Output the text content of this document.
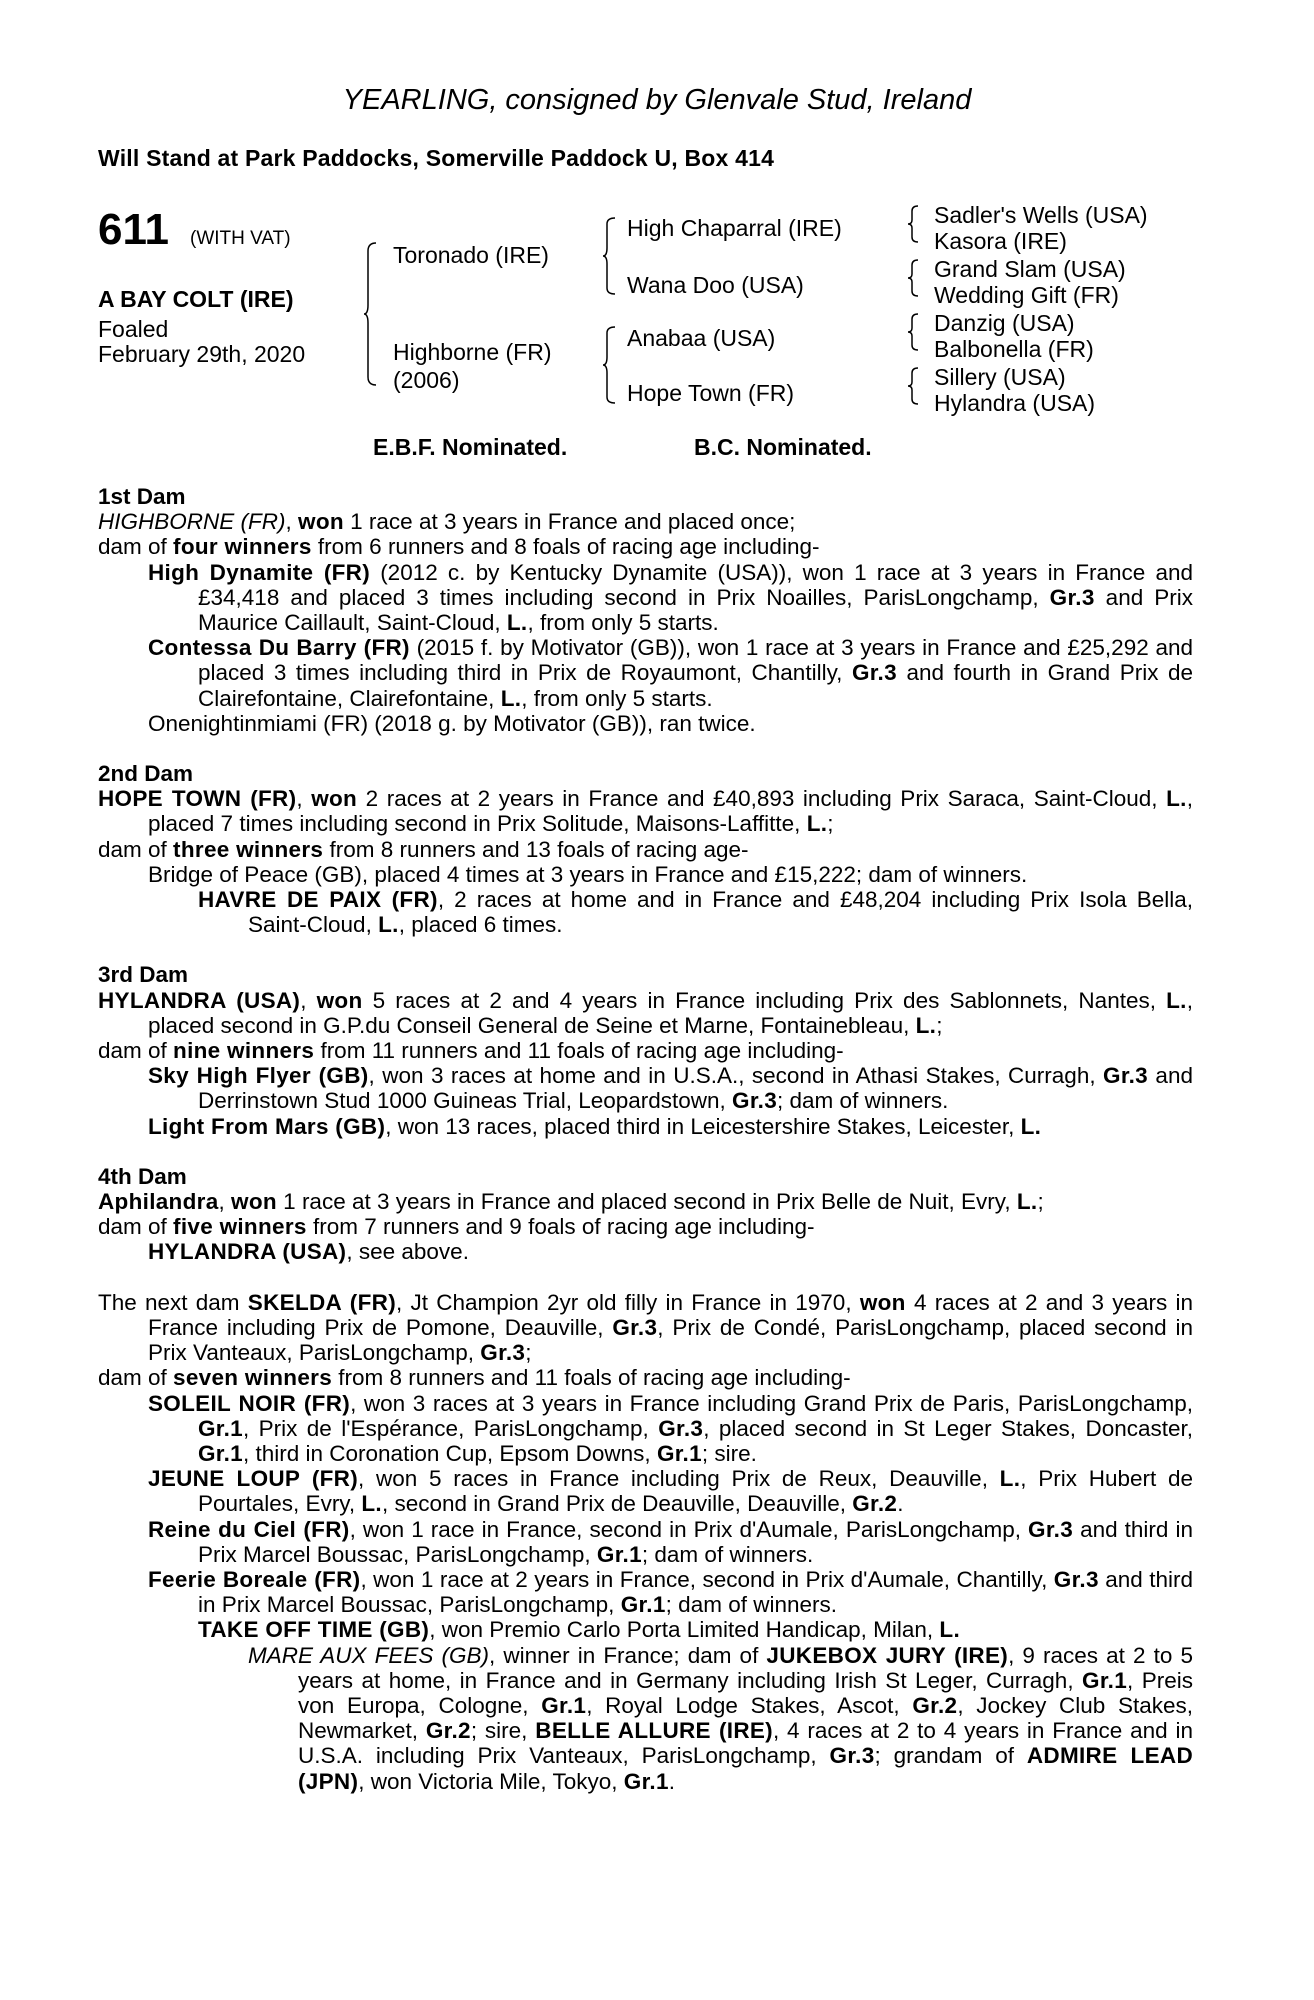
YEARLING, consigned by Glenvale Stud, Ireland
Will Stand at Park Paddocks, Somerville Paddock U, Box 414
611 (WITH VAT)
A BAY COLT (IRE)
Foaled
February 29th, 2020
Toronado (IRE)
Highborne (FR)
(2006)
High Chaparral (IRE)
Wana Doo (USA)
Anabaa (USA)
Hope Town (FR)
Sadler's Wells (USA)
Kasora (IRE)
Grand Slam (USA)
Wedding Gift (FR)
Danzig (USA)
Balbonella (FR)
Sillery (USA)
Hylandra (USA)
E.B.F. Nominated.	B.C. Nominated.

1st Dam

HIGHBORNE (FR), won 1 race at 3 years in France and placed once;

dam of four winners from 6 runners and 8 foals of racing age including-

High Dynamite (FR) (2012 c. by Kentucky Dynamite (USA)), won 1 race at 3 years in France and £34,418 and placed 3 times including second in Prix Noailles, ParisLongchamp, Gr.3 and Prix Maurice Caillault, Saint-Cloud, L., from only 5 starts.

Contessa Du Barry (FR) (2015 f. by Motivator (GB)), won 1 race at 3 years in France and £25,292 and placed 3 times including third in Prix de Royaumont, Chantilly, Gr.3 and fourth in Grand Prix de Clairefontaine, Clairefontaine, L., from only 5 starts.

Onenightinmiami (FR) (2018 g. by Motivator (GB)), ran twice.

2nd Dam

HOPE TOWN (FR), won 2 races at 2 years in France and £40,893 including Prix Saraca, Saint-Cloud, L., placed 7 times including second in Prix Solitude, Maisons-Laffitte, L.;

dam of three winners from 8 runners and 13 foals of racing age-

Bridge of Peace (GB), placed 4 times at 3 years in France and £15,222; dam of winners.

HAVRE DE PAIX (FR), 2 races at home and in France and £48,204 including Prix Isola Bella, Saint-Cloud, L., placed 6 times.

3rd Dam

HYLANDRA (USA), won 5 races at 2 and 4 years in France including Prix des Sablonnets, Nantes, L., placed second in G.P.du Conseil General de Seine et Marne, Fontainebleau, L.;

dam of nine winners from 11 runners and 11 foals of racing age including-

Sky High Flyer (GB), won 3 races at home and in U.S.A., second in Athasi Stakes, Curragh, Gr.3 and Derrinstown Stud 1000 Guineas Trial, Leopardstown, Gr.3; dam of winners.

Light From Mars (GB), won 13 races, placed third in Leicestershire Stakes, Leicester, L.

4th Dam

Aphilandra, won 1 race at 3 years in France and placed second in Prix Belle de Nuit, Evry, L.;

dam of five winners from 7 runners and 9 foals of racing age including-

HYLANDRA (USA), see above.

The next dam SKELDA (FR), Jt Champion 2yr old filly in France in 1970, won 4 races at 2 and 3 years in France including Prix de Pomone, Deauville, Gr.3, Prix de Condé, ParisLongchamp, placed second in Prix Vanteaux, ParisLongchamp, Gr.3;

dam of seven winners from 8 runners and 11 foals of racing age including-

SOLEIL NOIR (FR), won 3 races at 3 years in France including Grand Prix de Paris, ParisLongchamp, Gr.1, Prix de l'Espérance, ParisLongchamp, Gr.3, placed second in St Leger Stakes, Doncaster, Gr.1, third in Coronation Cup, Epsom Downs, Gr.1; sire.

JEUNE LOUP (FR), won 5 races in France including Prix de Reux, Deauville, L., Prix Hubert de Pourtales, Evry, L., second in Grand Prix de Deauville, Deauville, Gr.2.

Reine du Ciel (FR), won 1 race in France, second in Prix d'Aumale, ParisLongchamp, Gr.3 and third in Prix Marcel Boussac, ParisLongchamp, Gr.1; dam of winners.

Feerie Boreale (FR), won 1 race at 2 years in France, second in Prix d'Aumale, Chantilly, Gr.3 and third in Prix Marcel Boussac, ParisLongchamp, Gr.1; dam of winners.

TAKE OFF TIME (GB), won Premio Carlo Porta Limited Handicap, Milan, L.

MARE AUX FEES (GB), winner in France; dam of JUKEBOX JURY (IRE), 9 races at 2 to 5 years at home, in France and in Germany including Irish St Leger, Curragh, Gr.1, Preis von Europa, Cologne, Gr.1, Royal Lodge Stakes, Ascot, Gr.2, Jockey Club Stakes, Newmarket, Gr.2; sire, BELLE ALLURE (IRE), 4 races at 2 to 4 years in France and in U.S.A. including Prix Vanteaux, ParisLongchamp, Gr.3; grandam of ADMIRE LEAD (JPN), won Victoria Mile, Tokyo, Gr.1.
